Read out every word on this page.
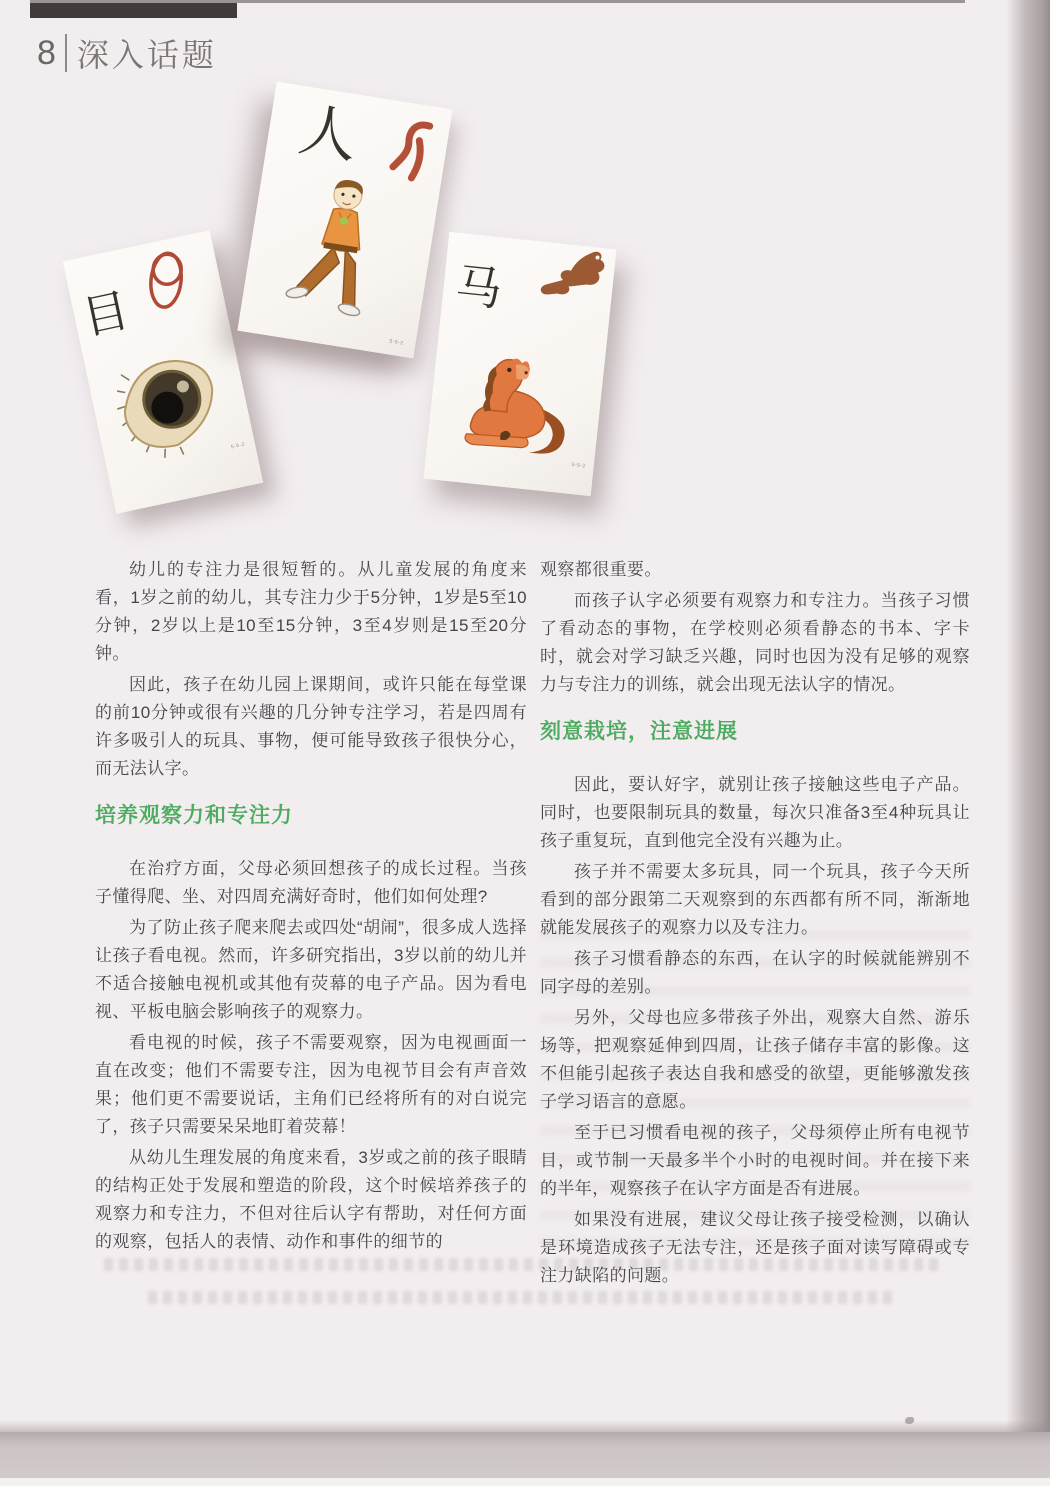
8 深入话题
目
5-5-2
人
5-5-2
马
5-5-2

幼儿的专注力是很短暂的。从儿童发展的角度来看，1岁之前的幼儿，其专注力少于5分钟，1岁是5至10分钟，2岁以上是10至15分钟，3至4岁则是15至20分钟。

因此，孩子在幼儿园上课期间，或许只能在每堂课的前10分钟或很有兴趣的几分钟专注学习，若是四周有许多吸引人的玩具、事物，便可能导致孩子很快分心，而无法认字。

培养观察力和专注力

在治疗方面，父母必须回想孩子的成长过程。当孩子懂得爬、坐、对四周充满好奇时，他们如何处理?

为了防止孩子爬来爬去或四处“胡闹”，很多成人选择让孩子看电视。然而，许多研究指出，3岁以前的幼儿并不适合接触电视机或其他有荧幕的电子产品。因为看电视、平板电脑会影响孩子的观察力。

看电视的时候，孩子不需要观察，因为电视画面一直在改变；他们不需要专注，因为电视节目会有声音效果；他们更不需要说话，主角们已经将所有的对白说完了，孩子只需要呆呆地盯着荧幕！

从幼儿生理发展的角度来看，3岁或之前的孩子眼睛的结构正处于发展和塑造的阶段，这个时候培养孩子的观察力和专注力，不但对往后认字有帮助，对任何方面的观察，包括人的表情、动作和事件的细节的

观察都很重要。

而孩子认字必须要有观察力和专注力。当孩子习惯了看动态的事物，在学校则必须看静态的书本、字卡时，就会对学习缺乏兴趣，同时也因为没有足够的观察力与专注力的训练，就会出现无法认字的情况。

刻意栽培，注意进展

因此，要认好字，就别让孩子接触这些电子产品。同时，也要限制玩具的数量，每次只准备3至4种玩具让孩子重复玩，直到他完全没有兴趣为止。

孩子并不需要太多玩具，同一个玩具，孩子今天所看到的部分跟第二天观察到的东西都有所不同，渐渐地就能发展孩子的观察力以及专注力。

孩子习惯看静态的东西，在认字的时候就能辨别不同字母的差别。

另外，父母也应多带孩子外出，观察大自然、游乐场等，把观察延伸到四周，让孩子储存丰富的影像。这不但能引起孩子表达自我和感受的欲望，更能够激发孩子学习语言的意愿。

至于已习惯看电视的孩子，父母须停止所有电视节目，或节制一天最多半个小时的电视时间。并在接下来的半年，观察孩子在认字方面是否有进展。

如果没有进展，建议父母让孩子接受检测，以确认是环境造成孩子无法专注，还是孩子面对读写障碍或专注力缺陷的问题。
